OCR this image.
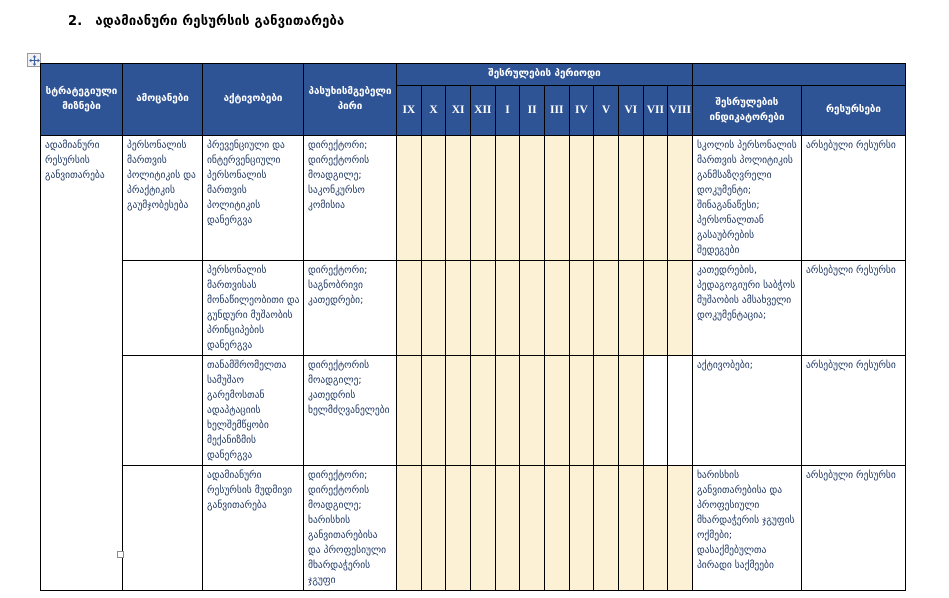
2. ადამიანური რესურსის განვითარება
სტრატეგიული მიზნები	ამოცანები	აქტივობები	პასუხისმგებელი პირი	შესრულების პერიოდი													
				IX	X	XI	XII	I	II	III	IV	V	VI	VII	VIII	შესრულების ინდიკატორები	რესურსები
ადამიანური რესურსის განვითარება	პერსონალის მართვის პოლიტიკის და პრაქტიკის გაუმჯობესება	პრევენციული და ინტერვენციული პერსონალის მართვის პოლიტიკის დანერგვა	დირექტორი; დირექტორის მოადგილე; საკონკურსო კომისია													სკოლის პერსონალის მართვის პოლიტიკის განმსაზღვრელი დოკუმენტი; შინაგანაწესი; პერსონალთან გასაუბრების შედეგები	არსებული რესურსი
		პერსონალის მართვისას მონაწილეობითი და გუნდური მუშაობის პრინციპების დანერგვა	დირექტორი; საგნობრივი კათედრები;													კათედრების, პედაგოგიური საბჭოს მუშაობის ამსახველი დოკუმენტაცია;	არსებული რესურსი
		თანამშრომელთა სამუშაო გარემოსთან ადაპტაციის ხელშემწყობი მექანიზმის დანერგვა	დირექტორის მოადგილე; კათედრის ხელმძღვანელები													აქტივობები;	არსებული რესურსი
		ადამიანური რესურსის მუდმივი განვითარება	დირექტორი; დირექტორის მოადგილე; ხარისხის განვითარებისა და პროფესიული მხარდაჭერის ჯგუფი													ხარისხის განვითარებისა და პროფესიული მხარდაჭერის ჯგუფის ოქმები; დასაქმებულთა პირადი საქმეები	არსებული რესურსი
